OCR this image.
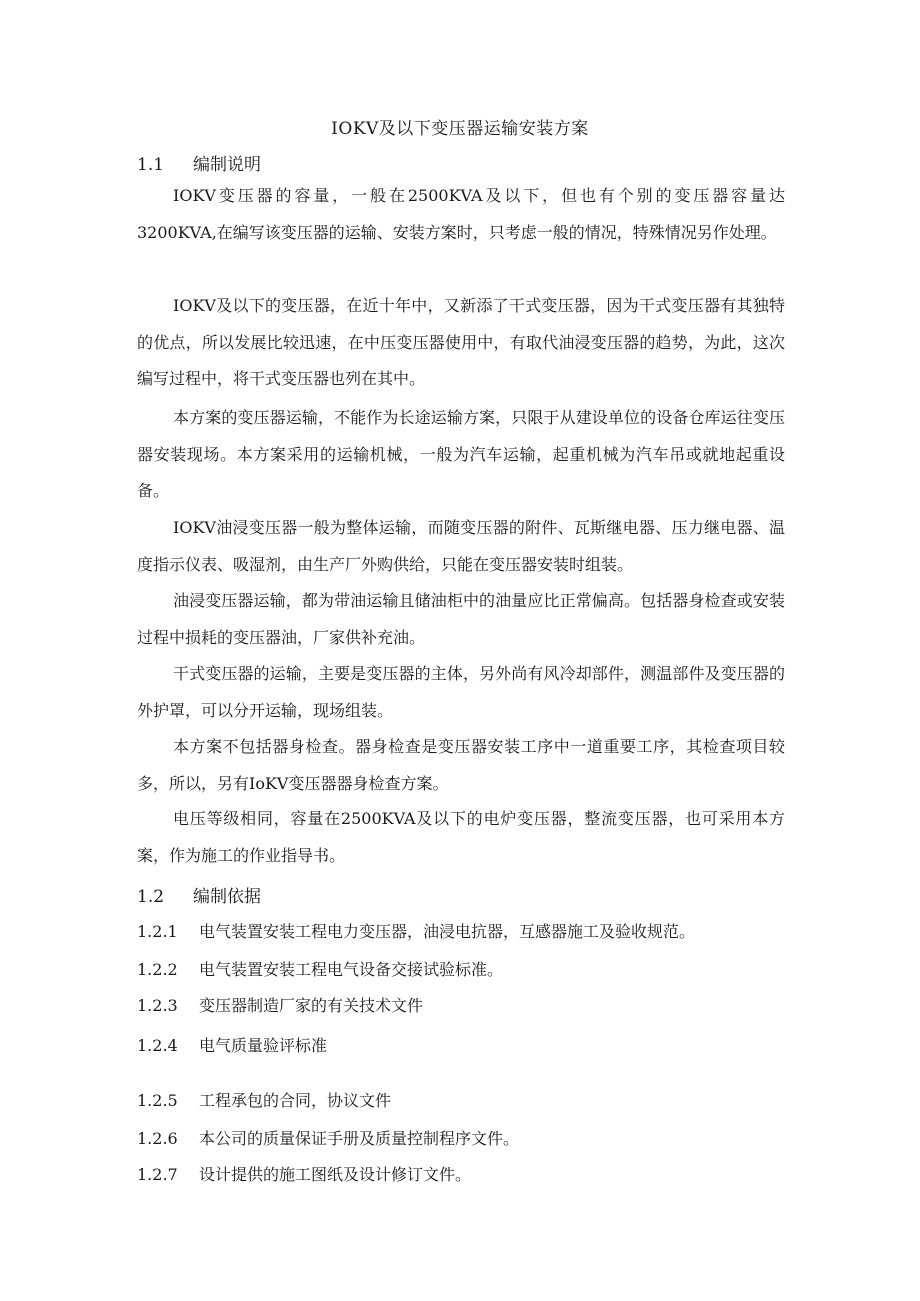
IOKV及以下变压器运输安装方案
1.1 编制说明

IOKV变压器的容量，一般在2500KVA及以下，但也有个别的变压器容量达3200KVA,在编写该变压器的运输、安装方案时，只考虑一般的情况，特殊情况另作处理。

IOKV及以下的变压器，在近十年中，又新添了干式变压器，因为干式变压器有其独特的优点，所以发展比较迅速，在中压变压器使用中，有取代油浸变压器的趋势，为此，这次编写过程中，将干式变压器也列在其中。

本方案的变压器运输，不能作为长途运输方案，只限于从建设单位的设备仓库运往变压器安装现场。本方案采用的运输机械，一般为汽车运输，起重机械为汽车吊或就地起重设备。

IOKV油浸变压器一般为整体运输，而随变压器的附件、瓦斯继电器、压力继电器、温度指示仪表、吸湿剂，由生产厂外购供给，只能在变压器安装时组装。

油浸变压器运输，都为带油运输且储油柜中的油量应比正常偏高。包括器身检查或安装过程中损耗的变压器油，厂家供补充油。

干式变压器的运输，主要是变压器的主体，另外尚有风冷却部件，测温部件及变压器的外护罩，可以分开运输，现场组装。

本方案不包括器身检查。器身检查是变压器安装工序中一道重要工序，其检查项目较多，所以，另有IoKV变压器器身检查方案。

电压等级相同，容量在2500KVA及以下的电炉变压器，整流变压器，也可采用本方案，作为施工的作业指导书。

1.2 编制依据
1.2.1 电气装置安装工程电力变压器，油浸电抗器，互感器施工及验收规范。
1.2.2 电气装置安装工程电气设备交接试验标准。
1.2.3 变压器制造厂家的有关技术文件
1.2.4 电气质量验评标准
1.2.5 工程承包的合同，协议文件
1.2.6 本公司的质量保证手册及质量控制程序文件。
1.2.7 设计提供的施工图纸及设计修订文件。
